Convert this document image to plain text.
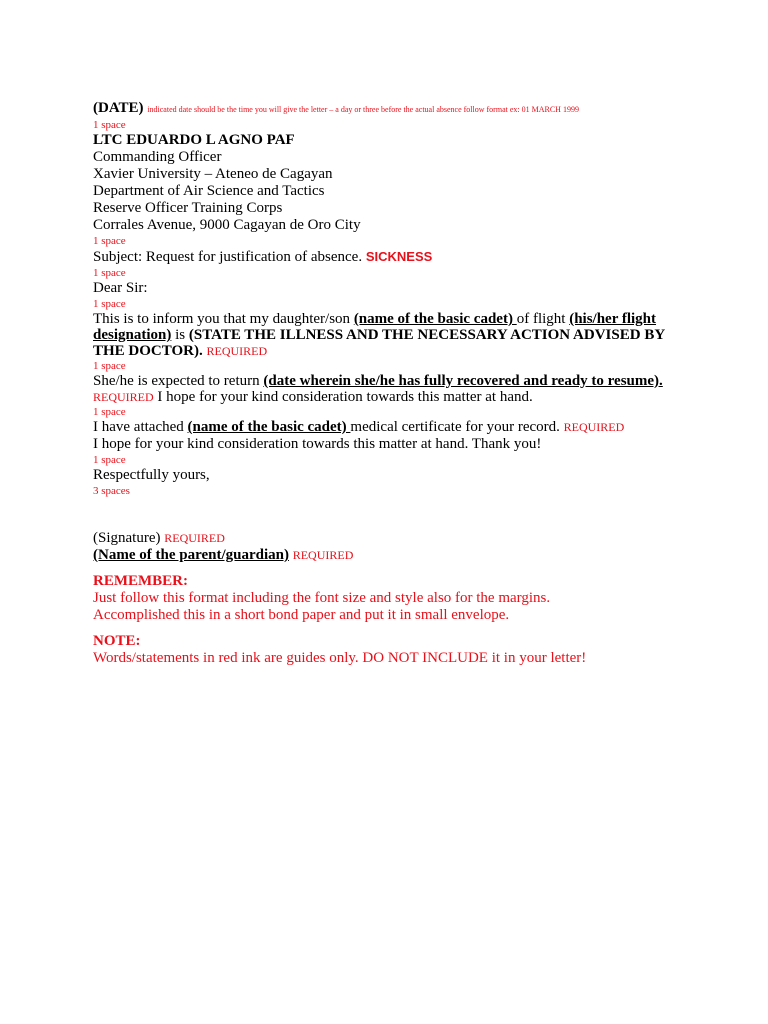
(DATE) indicated date should be the time you will give the letter – a day or three before the actual absence follow format ex: 01 MARCH 1999
1 space
LTC EDUARDO L AGNO PAF
Commanding Officer
Xavier University – Ateneo de Cagayan
Department of Air Science and Tactics
Reserve Officer Training Corps
Corrales Avenue, 9000 Cagayan de Oro City
1 space
Subject: Request for justification of absence. SICKNESS
1 space
Dear Sir:
1 space
This is to inform you that my daughter/son (name of the basic cadet) of flight (his/her flight designation) is (STATE THE ILLNESS AND THE NECESSARY ACTION ADVISED BY THE DOCTOR). REQUIRED
1 space
She/he is expected to return (date wherein she/he has fully recovered and ready to resume). REQUIRED I hope for your kind consideration towards this matter at hand.
1 space
I have attached (name of the basic cadet) medical certificate for your record. REQUIRED
I hope for your kind consideration towards this matter at hand. Thank you!
1 space
Respectfully yours,
3 spaces
(Signature) REQUIRED
(Name of the parent/guardian) REQUIRED
REMEMBER:
Just follow this format including the font size and style also for the margins.
Accomplished this in a short bond paper and put it in small envelope.
NOTE:
Words/statements in red ink are guides only. DO NOT INCLUDE it in your letter!
